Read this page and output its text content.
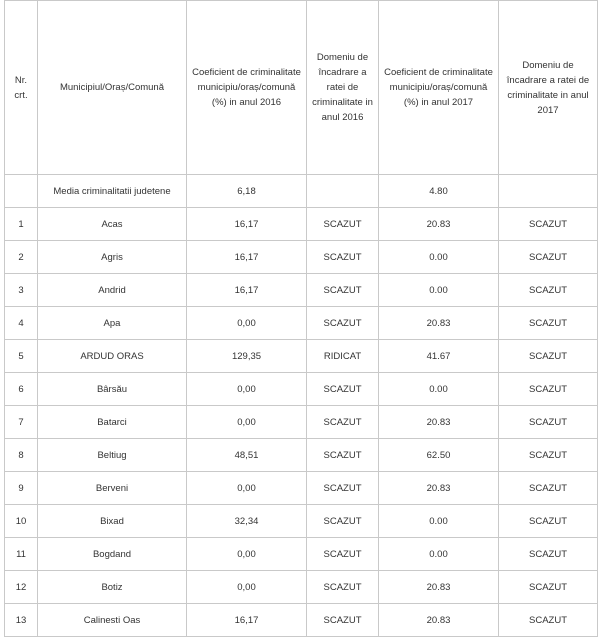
Nr. crt.	Municipiul/Oraș/Comună	Coeficient de criminalitate municipiu/oraș/comună (%) in anul 2016	Domeniu de încadrare a ratei de criminalitate in anul 2016	Coeficient de criminalitate municipiu/oraș/comună (%) in anul 2017	Domeniu de încadrare a ratei de criminalitate in anul 2017
	Media criminalitatii judetene	6,18		4.80	
1	Acas	16,17	SCAZUT	20.83	SCAZUT
2	Agris	16,17	SCAZUT	0.00	SCAZUT
3	Andrid	16,17	SCAZUT	0.00	SCAZUT
4	Apa	0,00	SCAZUT	20.83	SCAZUT
5	ARDUD ORAS	129,35	RIDICAT	41.67	SCAZUT
6	Bârsău	0,00	SCAZUT	0.00	SCAZUT
7	Batarci	0,00	SCAZUT	20.83	SCAZUT
8	Beltiug	48,51	SCAZUT	62.50	SCAZUT
9	Berveni	0,00	SCAZUT	20.83	SCAZUT
10	Bixad	32,34	SCAZUT	0.00	SCAZUT
11	Bogdand	0,00	SCAZUT	0.00	SCAZUT
12	Botiz	0,00	SCAZUT	20.83	SCAZUT
13	Calinesti Oas	16,17	SCAZUT	20.83	SCAZUT
